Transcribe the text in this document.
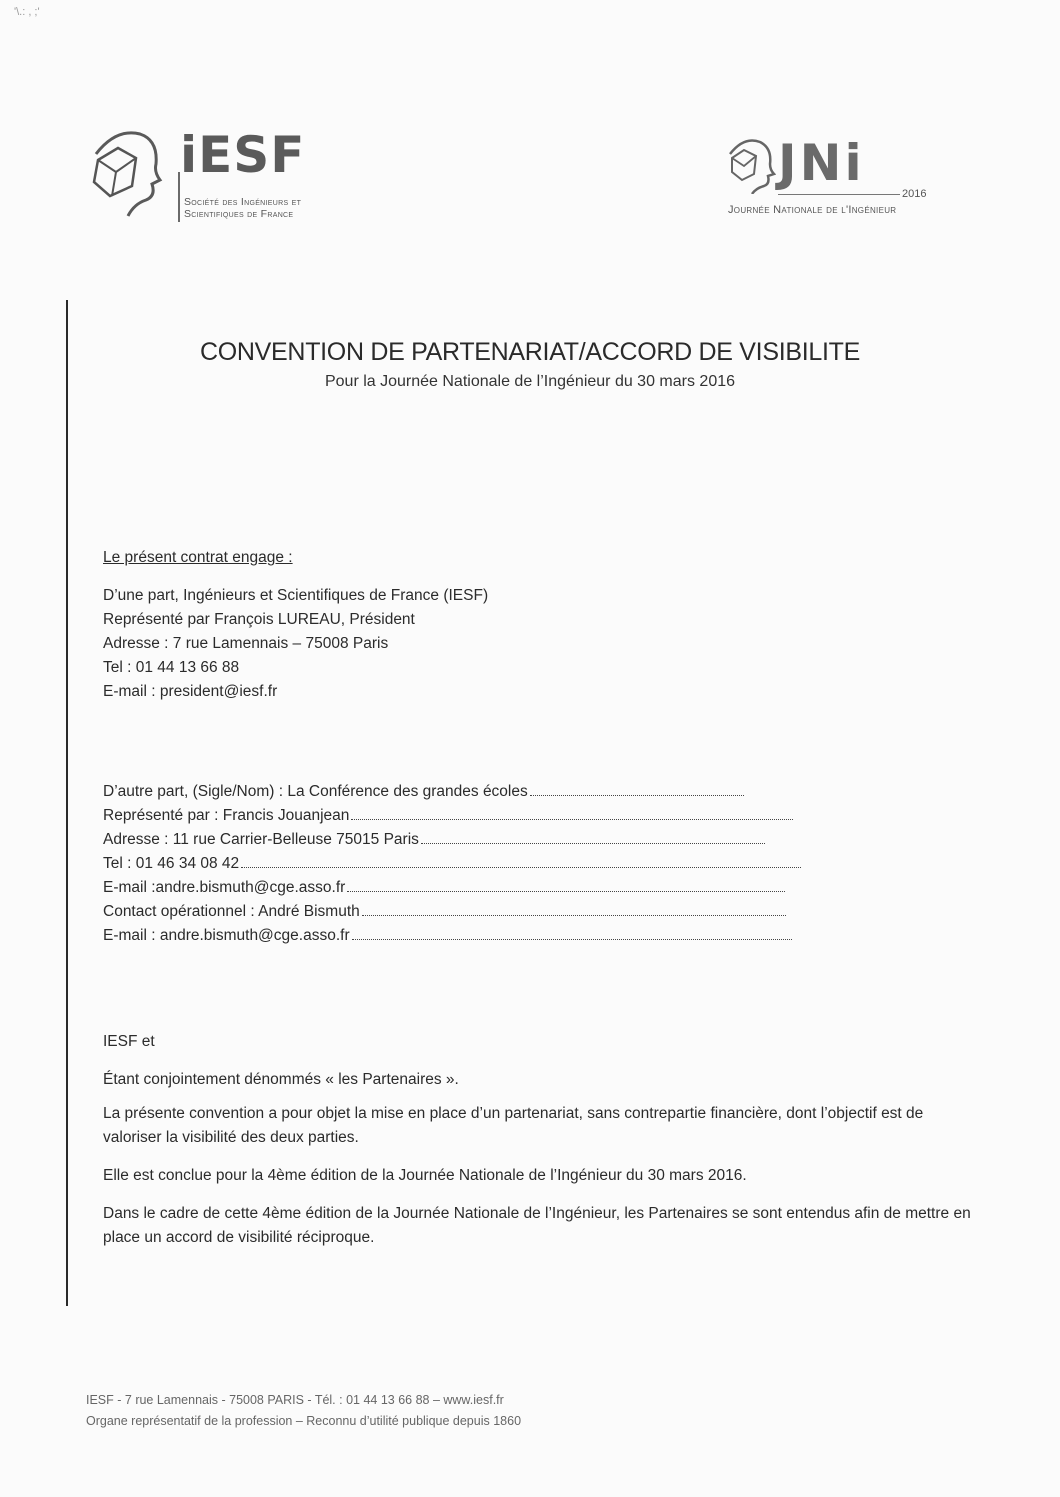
'\.: , ;'
iESF
Société des Ingénieurs et
Scientifiques de France
JNi
2016
Journée Nationale de l'Ingénieur
CONVENTION DE PARTENARIAT/ACCORD DE VISIBILITE
Pour la Journée Nationale de l’Ingénieur du 30 mars 2016
Le présent contrat engage :
D’une part, Ingénieurs et Scientifiques de France (IESF)
Représenté par François LUREAU, Président
Adresse : 7 rue Lamennais – 75008 Paris
Tel : 01 44 13 66 88
E-mail : president@iesf.fr
D’autre part, (Sigle/Nom) : La Conférence des grandes écoles
Représenté par : Francis Jouanjean
Adresse : 11 rue Carrier-Belleuse 75015 Paris
Tel : 01 46 34 08 42
E-mail :andre.bismuth@cge.asso.fr
Contact opérationnel : André Bismuth
E-mail : andre.bismuth@cge.asso.fr
IESF et
Étant conjointement dénommés « les Partenaires ».
La présente convention a pour objet la mise en place d’un partenariat, sans contrepartie financière, dont l’objectif est de valoriser la visibilité des deux parties.
Elle est conclue pour la 4ème édition de la Journée Nationale de l’Ingénieur du 30 mars 2016.
Dans le cadre de cette 4ème édition de la Journée Nationale de l’Ingénieur, les Partenaires se sont entendus afin de mettre en place un accord de visibilité réciproque.
IESF - 7 rue Lamennais - 75008 PARIS - Tél. : 01 44 13 66 88 – www.iesf.fr
Organe représentatif de la profession – Reconnu d’utilité publique depuis 1860
